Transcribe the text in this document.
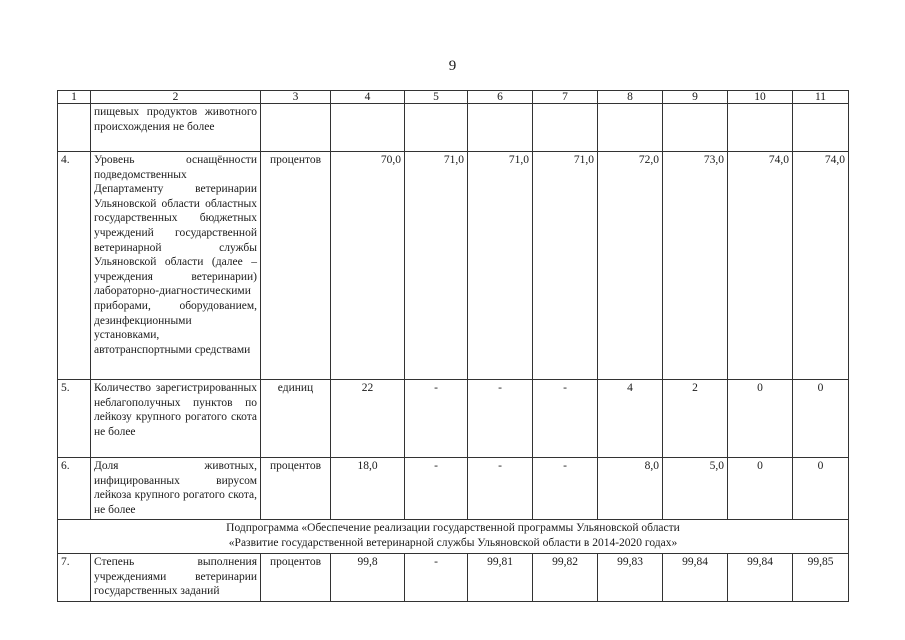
9
1	2	3	4	5	6	7	8	9	10	11
	пищевых продуктов животного происхождения не более									
4.	Уровень оснащённости подведомственных Департаменту ветеринарии Ульяновской области областных государственных бюджетных учреждений государственной ветеринарной службы Ульяновской области (далее – учреждения ветеринарии) лабораторно-диагностическими приборами, оборудованием, дезинфекционными установками, автотранспортными средствами	процентов	70,0	71,0	71,0	71,0	72,0	73,0	74,0	74,0
5.	Количество зарегистрированных неблагополучных пунктов по лейкозу крупного рогатого скота не более	единиц	22	-	-	-	4	2	0	0
6.	Доля животных, инфицированных вирусом лейкоза крупного рогатого скота, не более	процентов	18,0	-	-	-	8,0	5,0	0	0

Подпрограмма «Обеспечение реализации государственной программы Ульяновской области
«Развитие государственной ветеринарной службы Ульяновской области в 2014-2020 годах»										

7.	Степень выполнения учреждениями ветеринарии государственных заданий	процентов	99,8	-	99,81	99,82	99,83	99,84	99,84	99,85
